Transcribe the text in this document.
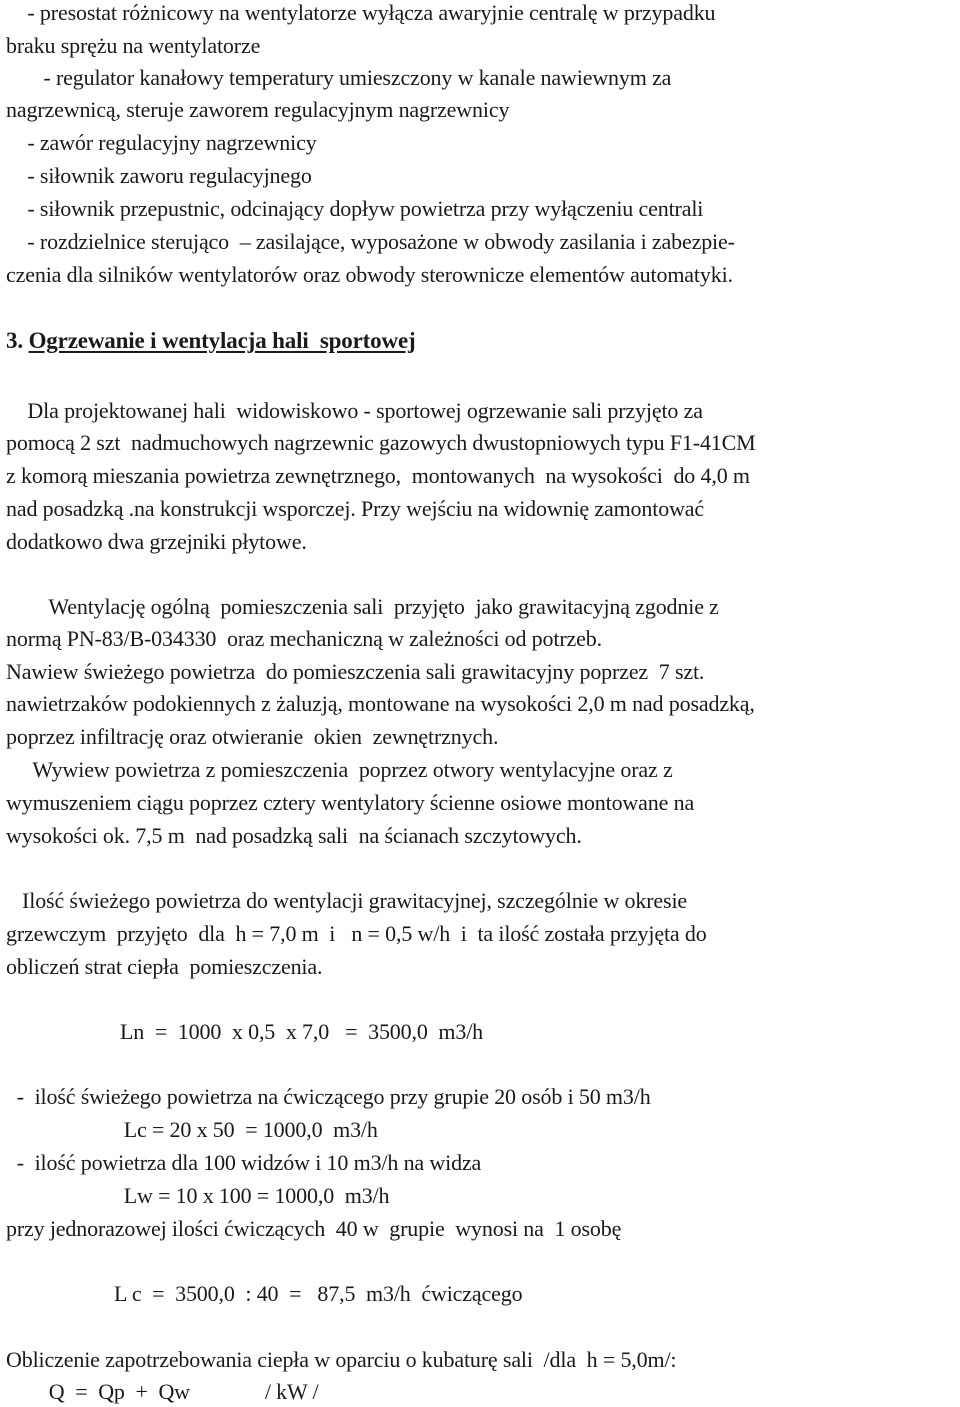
- presostat różnicowy na wentylatorze wyłącza awaryjnie centralę w przypadku
braku sprężu na wentylatorze
- regulator kanałowy temperatury umieszczony w kanale nawiewnym za
nagrzewnicą, steruje zaworem regulacyjnym nagrzewnicy
- zawór regulacyjny nagrzewnicy
- siłownik zaworu regulacyjnego
- siłownik przepustnic, odcinający dopływ powietrza przy wyłączeniu centrali
- rozdzielnice sterująco  – zasilające, wyposażone w obwody zasilania i zabezpie-
czenia dla silników wentylatorów oraz obwody sterownicze elementów automatyki.
3. Ogrzewanie i wentylacja hali  sportowej
Dla projektowanej hali  widowiskowo - sportowej ogrzewanie sali przyjęto za
pomocą 2 szt  nadmuchowych nagrzewnic gazowych dwustopniowych typu F1-41CM
z komorą mieszania powietrza zewnętrznego,  montowanych  na wysokości  do 4,0 m
nad posadzką .na konstrukcji wsporczej. Przy wejściu na widownię zamontować
dodatkowo dwa grzejniki płytowe.
Wentylację ogólną  pomieszczenia sali  przyjęto  jako grawitacyjną zgodnie z
normą PN-83/B-034330  oraz mechaniczną w zależności od potrzeb.
Nawiew świeżego powietrza  do pomieszczenia sali grawitacyjny poprzez  7 szt.
nawietrzaków podokiennych z żaluzją, montowane na wysokości 2,0 m nad posadzką,
poprzez infiltrację oraz otwieranie  okien  zewnętrznych.
Wywiew powietrza z pomieszczenia  poprzez otwory wentylacyjne oraz z
wymuszeniem ciągu poprzez cztery wentylatory ścienne osiowe montowane na
wysokości ok. 7,5 m  nad posadzką sali  na ścianach szczytowych.
Ilość świeżego powietrza do wentylacji grawitacyjnej, szczególnie w okresie
grzewczym  przyjęto  dla  h = 7,0 m  i   n = 0,5 w/h  i  ta ilość została przyjęta do
obliczeń strat ciepła  pomieszczenia.
Ln  =  1000  x 0,5  x 7,0   =  3500,0  m3/h
-  ilość świeżego powietrza na ćwiczącego przy grupie 20 osób i 50 m3/h
Lc = 20 x 50  = 1000,0  m3/h
-  ilość powietrza dla 100 widzów i 10 m3/h na widza
Lw = 10 x 100 = 1000,0  m3/h
przy jednorazowej ilości ćwiczących  40 w  grupie  wynosi na  1 osobę
L c  =  3500,0  : 40  =   87,5  m3/h  ćwiczącego
Obliczenie zapotrzebowania ciepła w oparciu o kubaturę sali  /dla  h = 5,0m/:
Q  =  Qp  +  Qw              / kW /
